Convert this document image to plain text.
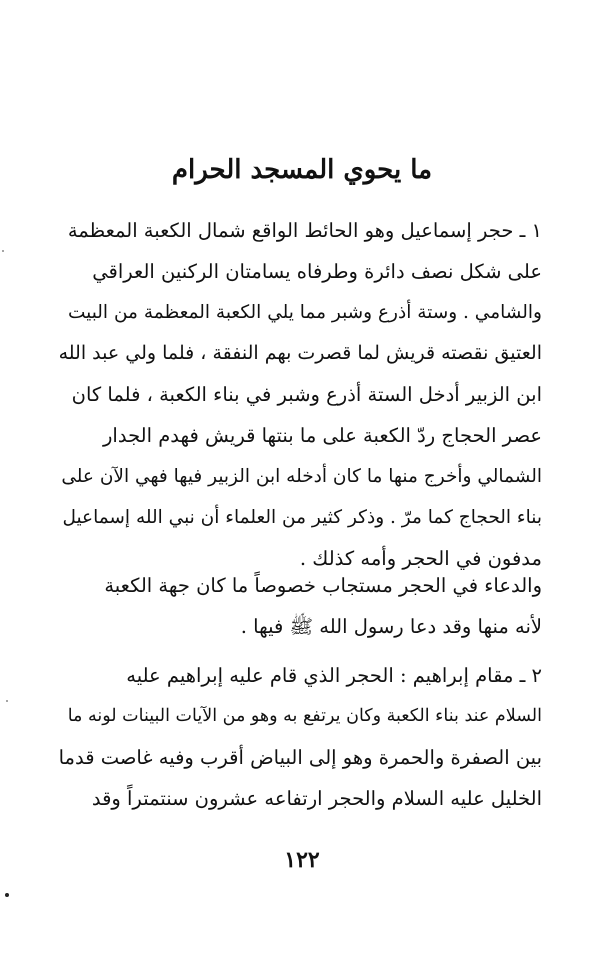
ما يحوي المسجد الحرام
١ ـ حجر إسماعيل وهو الحائط الواقع شمال الكعبة المعظمة
على شكل نصف دائرة وطرفاه يسامتان الركنين العراقي
والشامي . وستة أذرع وشبر مما يلي الكعبة المعظمة من البيت
العتيق نقصته قريش لما قصرت بهم النفقة ، فلما ولي عبد الله
ابن الزبير أدخل الستة أذرع وشبر في بناء الكعبة ، فلما كان
عصر الحجاج ردّ الكعبة على ما بنتها قريش فهدم الجدار
الشمالي وأخرج منها ما كان أدخله ابن الزبير فيها فهي الآن على
بناء الحجاج كما مرّ . وذكر كثير من العلماء أن نبي الله إسماعيل
مدفون في الحجر وأمه كذلك .
والدعاء في الحجر مستجاب خصوصاً ما كان جهة الكعبة
لأنه منها وقد دعا رسول الله ﷺ فيها .
٢ ـ مقام إبراهيم : الحجر الذي قام عليه إبراهيم عليه
السلام عند بناء الكعبة وكان يرتفع به وهو من الآيات البينات لونه ما
بين الصفرة والحمرة وهو إلى البياض أقرب وفيه غاصت قدما
الخليل عليه السلام والحجر ارتفاعه عشرون سنتمتراً وقد
١٢٢
